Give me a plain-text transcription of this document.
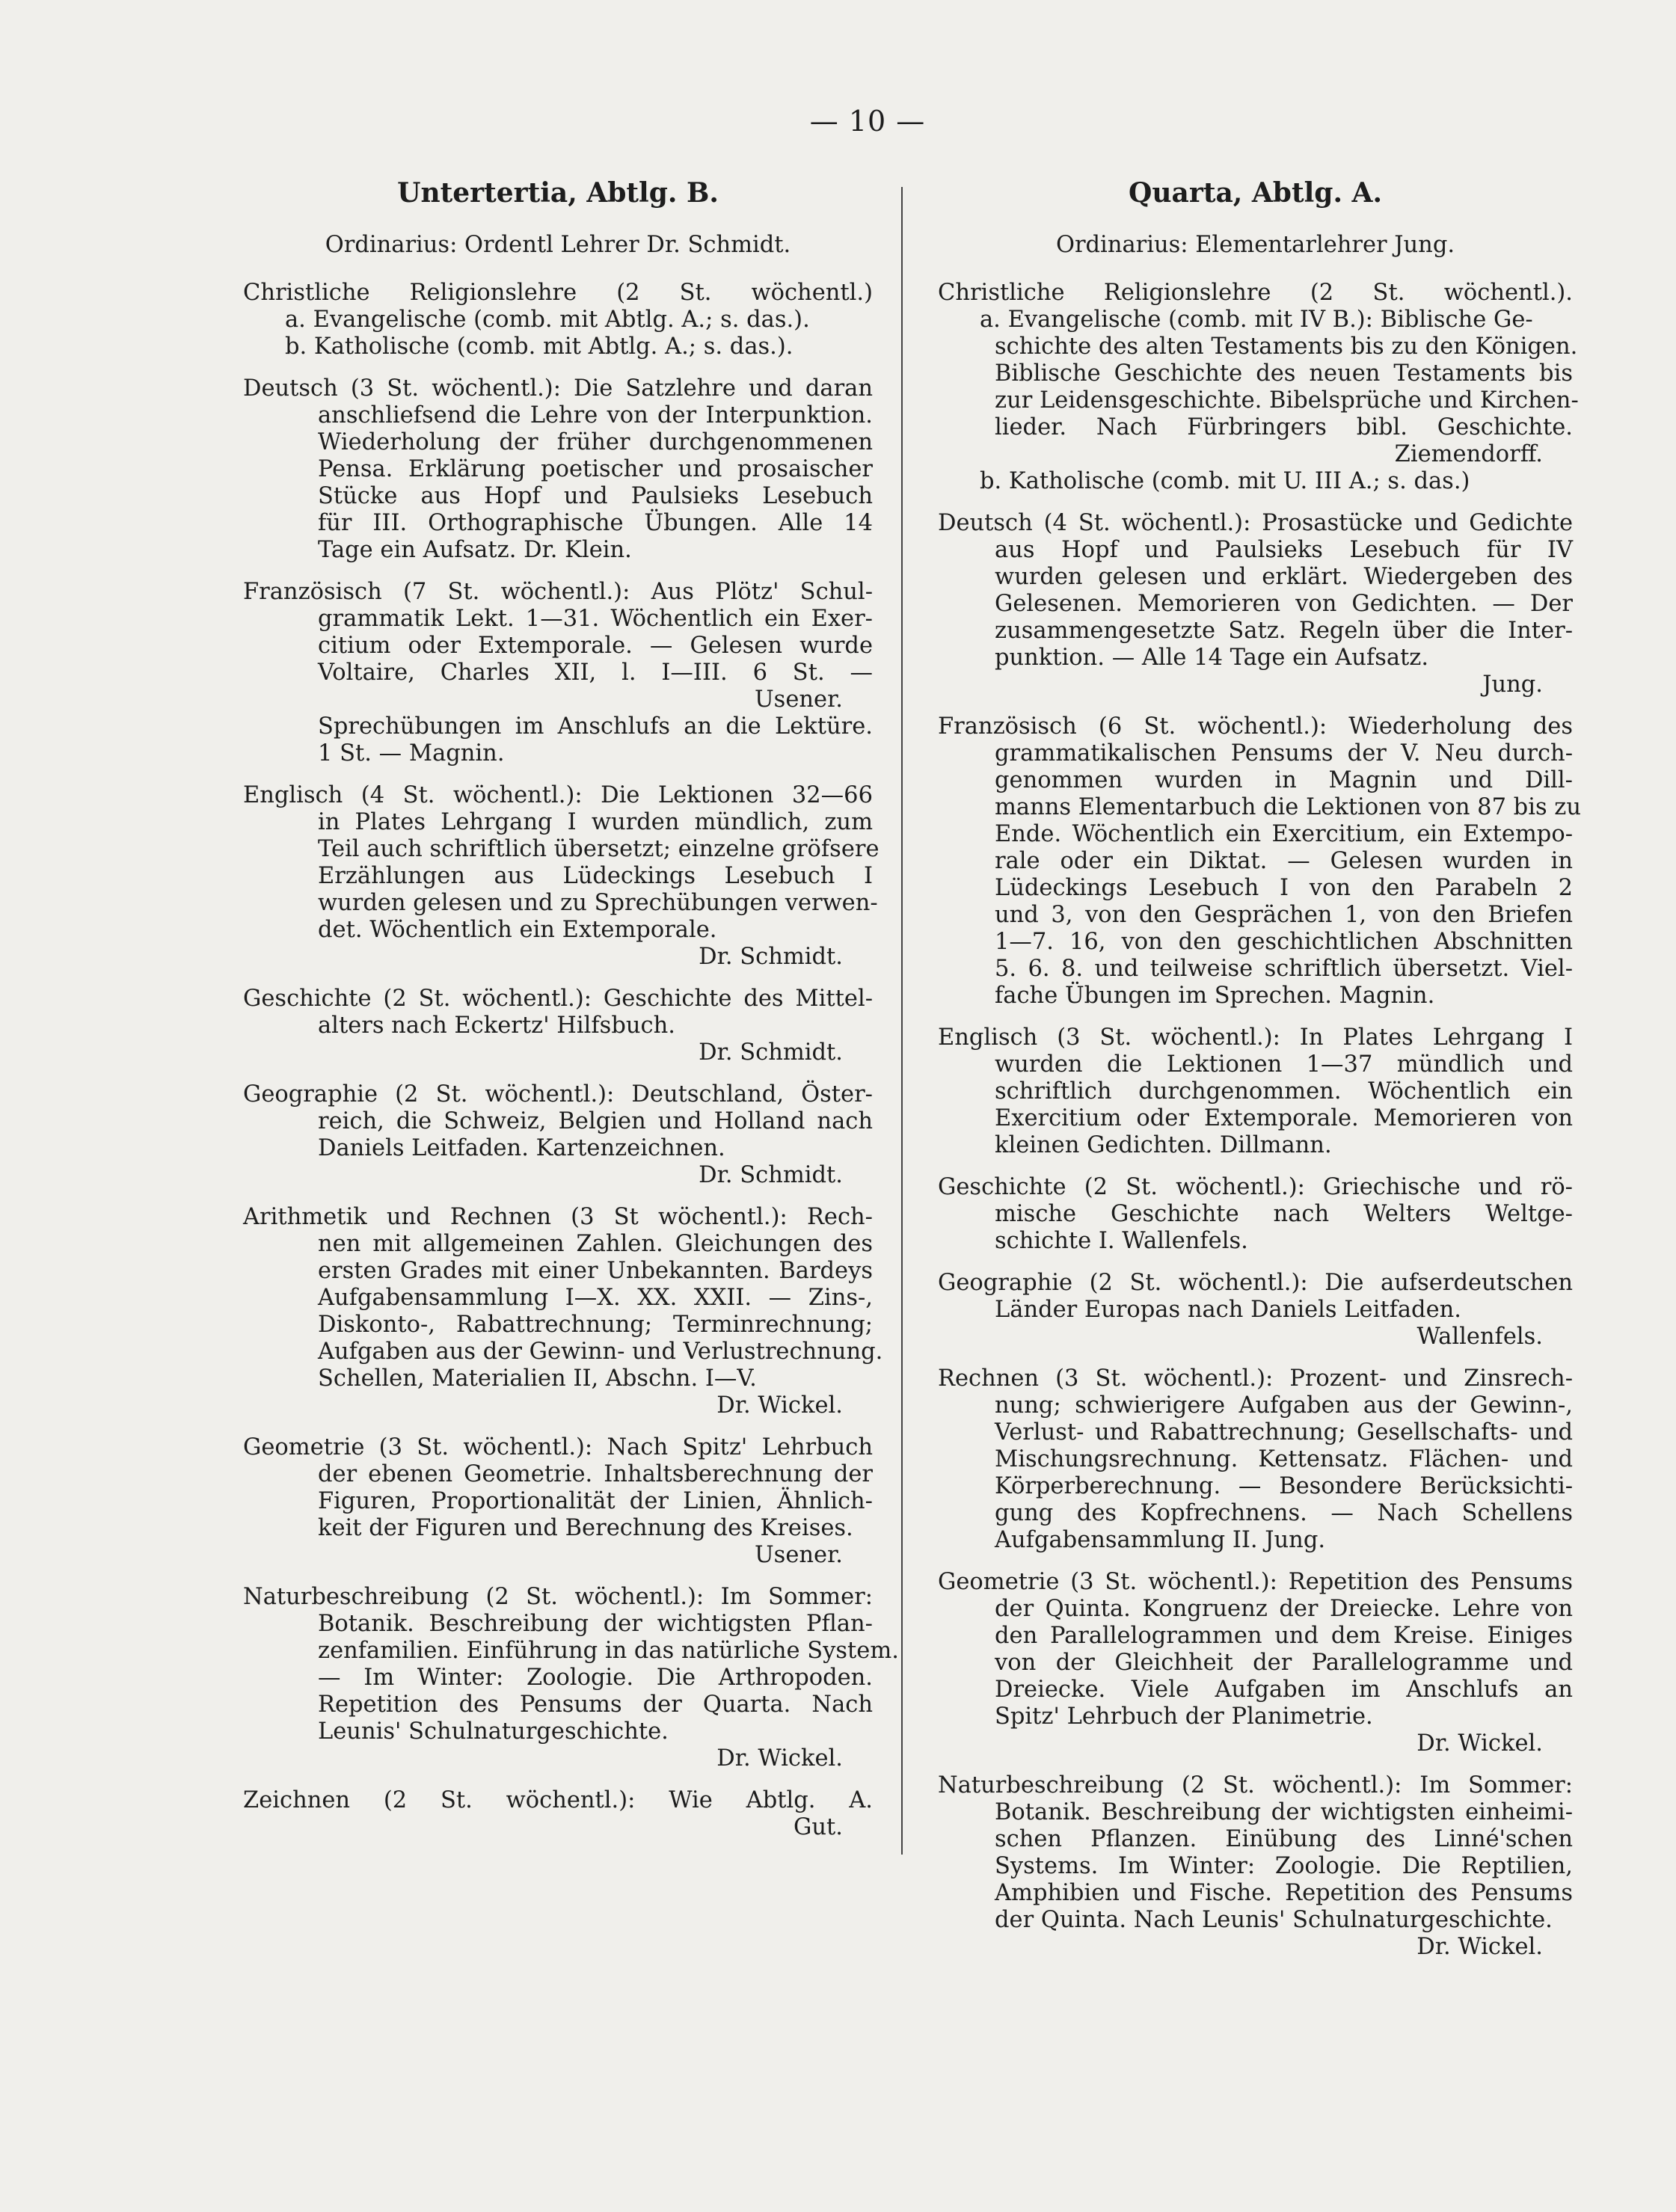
— 10 —
Untertertia, Abtlg. B.
Ordinarius: Ordentl Lehrer Dr. Schmidt.
Christliche Religionslehre (2 St. wöchentl.)
a. Evangelische (comb. mit Abtlg. A.; s. das.).
b. Katholische (comb. mit Abtlg. A.; s. das.).
Deutsch (3 St. wöchentl.): Die Satzlehre und daran
anschliefsend die Lehre von der Interpunktion.
Wiederholung der früher durchgenommenen
Pensa. Erklärung poetischer und prosaischer
Stücke aus Hopf und Paulsieks Lesebuch
für III. Orthographische Übungen. Alle 14
Tage ein Aufsatz. Dr. Klein.
Französisch (7 St. wöchentl.): Aus Plötz' Schul-
grammatik Lekt. 1—31. Wöchentlich ein Exer-
citium oder Extemporale. — Gelesen wurde
Voltaire, Charles XII, l. I—III. 6 St. —
Usener.
Sprechübungen im Anschlufs an die Lektüre.
1 St. — Magnin.
Englisch (4 St. wöchentl.): Die Lektionen 32—66
in Plates Lehrgang I wurden mündlich, zum
Teil auch schriftlich übersetzt; einzelne gröfsere
Erzählungen aus Lüdeckings Lesebuch I
wurden gelesen und zu Sprechübungen verwen-
det. Wöchentlich ein Extemporale.
Dr. Schmidt.
Geschichte (2 St. wöchentl.): Geschichte des Mittel-
alters nach Eckertz' Hilfsbuch.
Dr. Schmidt.
Geographie (2 St. wöchentl.): Deutschland, Öster-
reich, die Schweiz, Belgien und Holland nach
Daniels Leitfaden. Kartenzeichnen.
Dr. Schmidt.
Arithmetik und Rechnen (3 St wöchentl.): Rech-
nen mit allgemeinen Zahlen. Gleichungen des
ersten Grades mit einer Unbekannten. Bardeys
Aufgabensammlung I—X. XX. XXII. — Zins-,
Diskonto-, Rabattrechnung; Terminrechnung;
Aufgaben aus der Gewinn- und Verlustrechnung.
Schellen, Materialien II, Abschn. I—V.
Dr. Wickel.
Geometrie (3 St. wöchentl.): Nach Spitz' Lehrbuch
der ebenen Geometrie. Inhaltsberechnung der
Figuren, Proportionalität der Linien, Ähnlich-
keit der Figuren und Berechnung des Kreises.
Usener.
Naturbeschreibung (2 St. wöchentl.): Im Sommer:
Botanik. Beschreibung der wichtigsten Pflan-
zenfamilien. Einführung in das natürliche System.
— Im Winter: Zoologie. Die Arthropoden.
Repetition des Pensums der Quarta. Nach
Leunis' Schulnaturgeschichte.
Dr. Wickel.
Zeichnen (2 St. wöchentl.): Wie Abtlg. A.
Gut.
Quarta, Abtlg. A.
Ordinarius: Elementarlehrer Jung.
Christliche Religionslehre (2 St. wöchentl.).
a. Evangelische (comb. mit IV B.): Biblische Ge-
schichte des alten Testaments bis zu den Königen.
Biblische Geschichte des neuen Testaments bis
zur Leidensgeschichte. Bibelsprüche und Kirchen-
lieder. Nach Fürbringers bibl. Geschichte.
Ziemendorff.
b. Katholische (comb. mit U. III A.; s. das.)
Deutsch (4 St. wöchentl.): Prosastücke und Gedichte
aus Hopf und Paulsieks Lesebuch für IV
wurden gelesen und erklärt. Wiedergeben des
Gelesenen. Memorieren von Gedichten. — Der
zusammengesetzte Satz. Regeln über die Inter-
punktion. — Alle 14 Tage ein Aufsatz.
Jung.
Französisch (6 St. wöchentl.): Wiederholung des
grammatikalischen Pensums der V. Neu durch-
genommen wurden in Magnin und Dill-
manns Elementarbuch die Lektionen von 87 bis zu
Ende. Wöchentlich ein Exercitium, ein Extempo-
rale oder ein Diktat. — Gelesen wurden in
Lüdeckings Lesebuch I von den Parabeln 2
und 3, von den Gesprächen 1, von den Briefen
1—7. 16, von den geschichtlichen Abschnitten
5. 6. 8. und teilweise schriftlich übersetzt. Viel-
fache Übungen im Sprechen. Magnin.
Englisch (3 St. wöchentl.): In Plates Lehrgang I
wurden die Lektionen 1—37 mündlich und
schriftlich durchgenommen. Wöchentlich ein
Exercitium oder Extemporale. Memorieren von
kleinen Gedichten. Dillmann.
Geschichte (2 St. wöchentl.): Griechische und rö-
mische Geschichte nach Welters Weltge-
schichte I. Wallenfels.
Geographie (2 St. wöchentl.): Die aufserdeutschen
Länder Europas nach Daniels Leitfaden.
Wallenfels.
Rechnen (3 St. wöchentl.): Prozent- und Zinsrech-
nung; schwierigere Aufgaben aus der Gewinn-,
Verlust- und Rabattrechnung; Gesellschafts- und
Mischungsrechnung. Kettensatz. Flächen- und
Körperberechnung. — Besondere Berücksichti-
gung des Kopfrechnens. — Nach Schellens
Aufgabensammlung II. Jung.
Geometrie (3 St. wöchentl.): Repetition des Pensums
der Quinta. Kongruenz der Dreiecke. Lehre von
den Parallelogrammen und dem Kreise. Einiges
von der Gleichheit der Parallelogramme und
Dreiecke. Viele Aufgaben im Anschlufs an
Spitz' Lehrbuch der Planimetrie.
Dr. Wickel.
Naturbeschreibung (2 St. wöchentl.): Im Sommer:
Botanik. Beschreibung der wichtigsten einheimi-
schen Pflanzen. Einübung des Linné'schen
Systems. Im Winter: Zoologie. Die Reptilien,
Amphibien und Fische. Repetition des Pensums
der Quinta. Nach Leunis' Schulnaturgeschichte.
Dr. Wickel.
